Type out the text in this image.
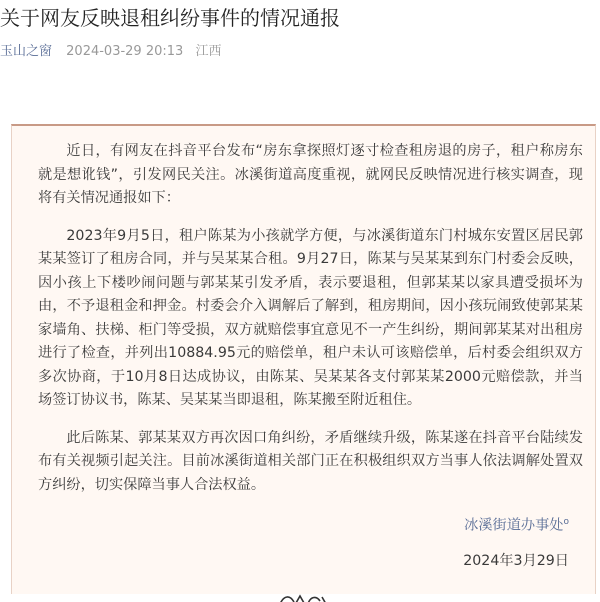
关于网友反映退租纠纷事件的情况通报
玉山之窗 2024-03-29 20:13 江西

近日，有网友在抖音平台发布“房东拿探照灯逐寸检查租房退的房子，租户称房东就是想讹钱”，引发网民关注。冰溪街道高度重视，就网民反映情况进行核实调查，现将有关情况通报如下：

2023年9月5日，租户陈某为小孩就学方便，与冰溪街道东门村城东安置区居民郭某某签订了租房合同，并与吴某某合租。9月27日，陈某与吴某某到东门村委会反映，因小孩上下楼吵闹问题与郭某某引发矛盾，表示要退租，但郭某某以家具遭受损坏为由，不予退租金和押金。村委会介入调解后了解到，租房期间，因小孩玩闹致使郭某某家墙角、扶梯、柜门等受损，双方就赔偿事宜意见不一产生纠纷，期间郭某某对出租房进行了检查，并列出10884.95元的赔偿单，租户未认可该赔偿单，后村委会组织双方多次协商，于10月8日达成协议，由陈某、吴某某各支付郭某某2000元赔偿款，并当场签订协议书，陈某、吴某某当即退租，陈某搬至附近租住。

此后陈某、郭某某双方再次因口角纠纷，矛盾继续升级，陈某遂在抖音平台陆续发布有关视频引起关注。目前冰溪街道相关部门正在积极组织双方当事人依法调解处置双方纠纷，切实保障当事人合法权益。

冰溪街道办事处$^o$
2024年3月29日
